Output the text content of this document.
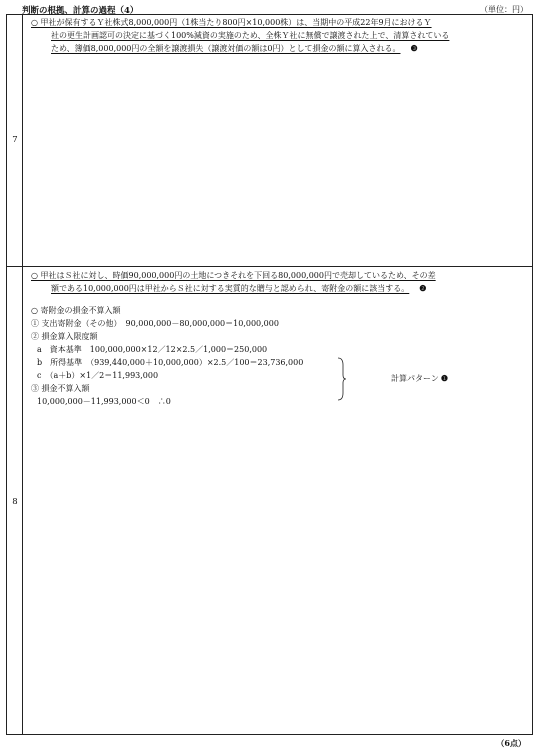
判断の根拠、計算の過程（4）	（単位：円）
7
○ 甲社が保有するＹ社株式8,000,000円（1株当たり800円×10,000株）は、当期中の平成22年9月におけるＹ
社の更生計画認可の決定に基づく100%減資の実施のため、全株Ｙ社に無償で譲渡された上で、清算されている
ため、簿価8,000,000円の全額を譲渡損失（譲渡対価の額は0円）として損金の額に算入される。 ❸
8
○ 甲社はＳ社に対し、時価90,000,000円の土地につきそれを下回る80,000,000円で売却しているため、その差
額である10,000,000円は甲社からＳ社に対する実質的な贈与と認められ、寄附金の額に該当する。 ❷
○ 寄附金の損金不算入額
① 支出寄附金（その他）　90,000,000－80,000,000＝10,000,000
② 損金算入限度額
a　資本基準　100,000,000×12／12×2.5／1,000＝250,000
b　所得基準　（939,440,000＋10,000,000）×2.5／100＝23,736,000
c　（a＋b）×1／2＝11,993,000
③ 損金不算入額
10,000,000－11,993,000＜0　∴0
計算パターン ❶
（6点）
